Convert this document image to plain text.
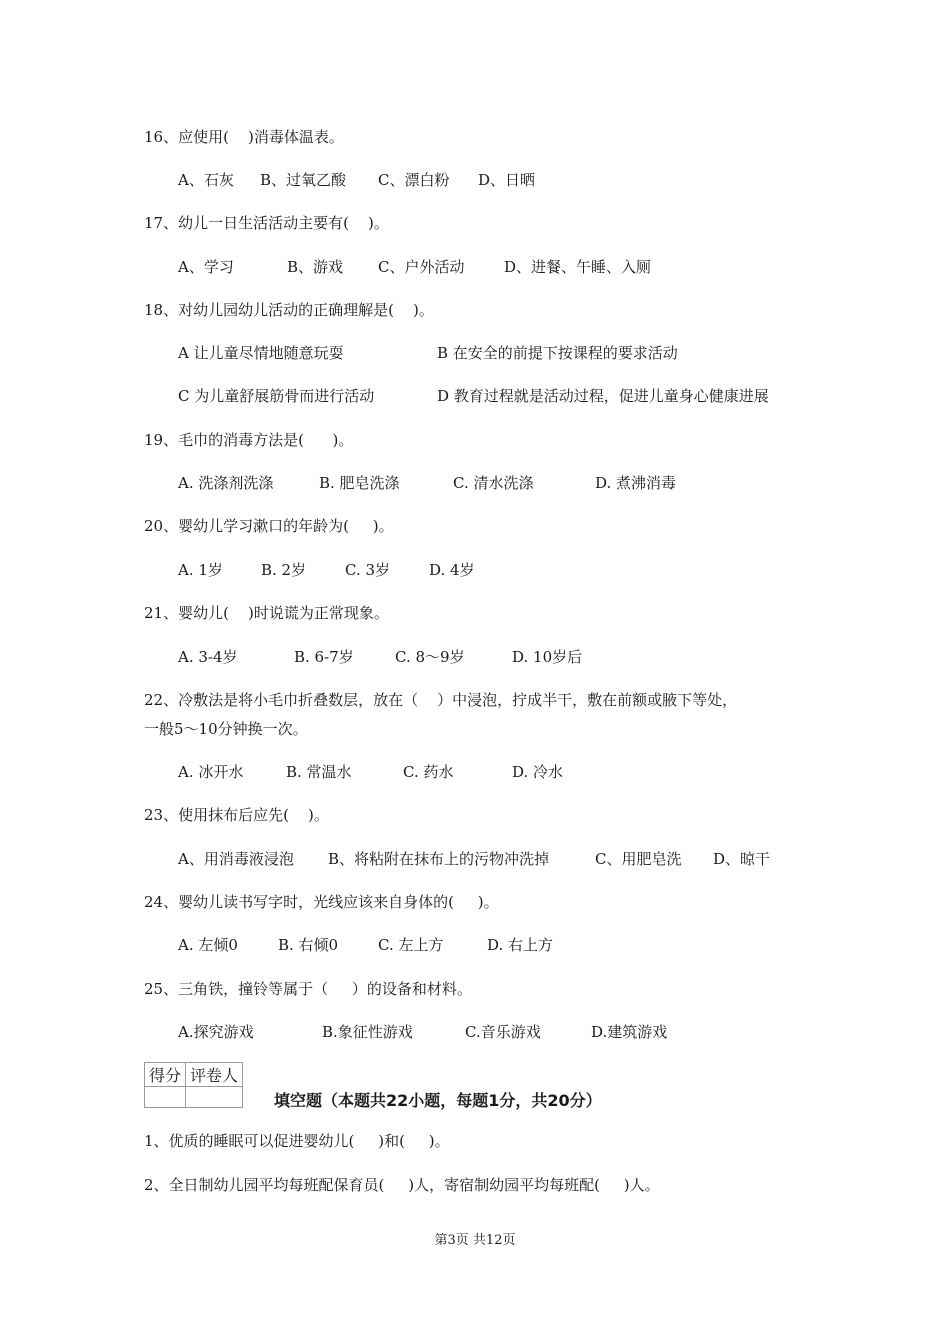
16、应使用(    )消毒体温表。
A、石灰 B、过氧乙酸 C、漂白粉 D、日晒
17、幼儿一日生活活动主要有(    )。
A、学习	B、游戏 C、户外活动	D、进餐、午睡、入厕
18、对幼儿园幼儿活动的正确理解是(    )。
A 让儿童尽情地随意玩耍	B 在安全的前提下按课程的要求活动
C 为儿童舒展筋骨而进行活动	D 教育过程就是活动过程，促进儿童身心健康进展
19、毛巾的消毒方法是(      )。
A. 洗涤剂洗涤	B. 肥皂洗涤	C. 清水洗涤	D. 煮沸消毒
20、婴幼儿学习漱口的年龄为(     )。
A. 1岁	B. 2岁	C. 3岁	D. 4岁
21、婴幼儿(    )时说谎为正常现象。
A. 3-4岁	B. 6-7岁	C. 8～9岁	D. 10岁后
22、冷敷法是将小毛巾折叠数层，放在（    ）中浸泡，拧成半干，敷在前额或腋下等处，
一般5～10分钟换一次。
A. 冰开水	B. 常温水	C. 药水	D. 冷水
23、使用抹布后应先(    )。
A、用消毒液浸泡 B、将粘附在抹布上的污物冲洗掉	C、用肥皂洗 D、晾干
24、婴幼儿读书写字时，光线应该来自身体的(     )。
A. 左倾0	B. 右倾0	C. 左上方	D. 右上方
25、三角铁，撞铃等属于（     ）的设备和材料。
A.探究游戏	B.象征性游戏	C.音乐游戏	D.建筑游戏
得分	评卷人

填空题（本题共22小题，每题1分，共20分）
1、优质的睡眠可以促进婴幼儿(     )和(     )。
2、全日制幼儿园平均每班配保育员(     )人，寄宿制幼园平均每班配(     )人。
第3页 共12页
